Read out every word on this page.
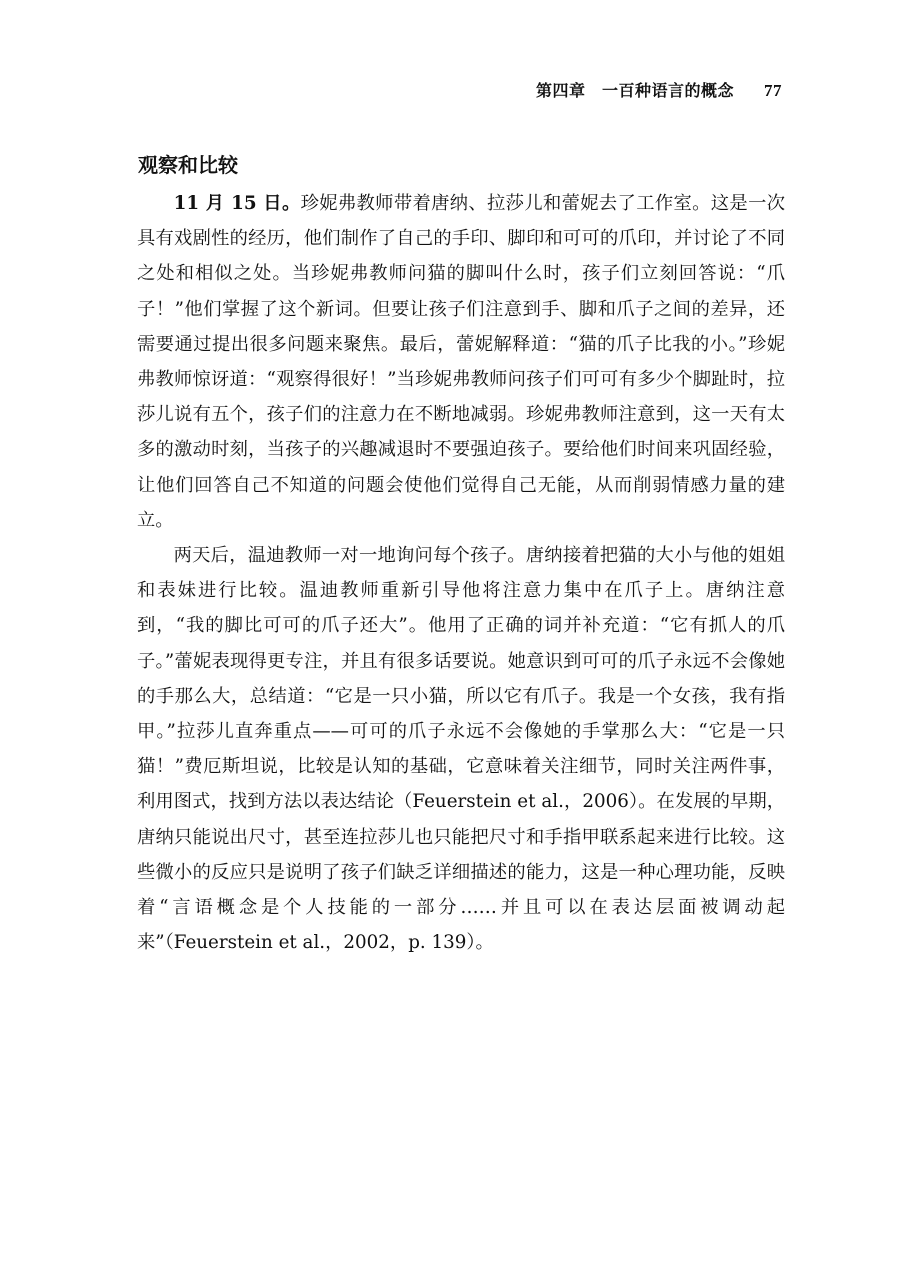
第四章　一百种语言的概念 77
观察和比较

11 月 15 日。珍妮弗教师带着唐纳、拉莎儿和蕾妮去了工作室。这是一次具有戏剧性的经历，他们制作了自己的手印、脚印和可可的爪印，并讨论了不同之处和相似之处。当珍妮弗教师问猫的脚叫什么时，孩子们立刻回答说：“爪子！”他们掌握了这个新词。但要让孩子们注意到手、脚和爪子之间的差异，还需要通过提出很多问题来聚焦。最后，蕾妮解释道：“猫的爪子比我的小。”珍妮弗教师惊讶道：“观察得很好！”当珍妮弗教师问孩子们可可有多少个脚趾时，拉莎儿说有五个，孩子们的注意力在不断地减弱。珍妮弗教师注意到，这一天有太多的激动时刻，当孩子的兴趣减退时不要强迫孩子。要给他们时间来巩固经验，让他们回答自己不知道的问题会使他们觉得自己无能，从而削弱情感力量的建立。

两天后，温迪教师一对一地询问每个孩子。唐纳接着把猫的大小与他的姐姐和表妹进行比较。温迪教师重新引导他将注意力集中在爪子上。唐纳注意到，“我的脚比可可的爪子还大”。他用了正确的词并补充道：“它有抓人的爪子。”蕾妮表现得更专注，并且有很多话要说。她意识到可可的爪子永远不会像她的手那么大，总结道：“它是一只小猫，所以它有爪子。我是一个女孩，我有指甲。”拉莎儿直奔重点——可可的爪子永远不会像她的手掌那么大：“它是一只猫！”费厄斯坦说，比较是认知的基础，它意味着关注细节，同时关注两件事，利用图式，找到方法以表达结论（Feuerstein et al.，2006）。在发展的早期，唐纳只能说出尺寸，甚至连拉莎儿也只能把尺寸和手指甲联系起来进行比较。这些微小的反应只是说明了孩子们缺乏详细描述的能力，这是一种心理功能，反映着“言语概念是个人技能的一部分……并且可以在表达层面被调动起来”（Feuerstein et al.，2002，p. 139）。
